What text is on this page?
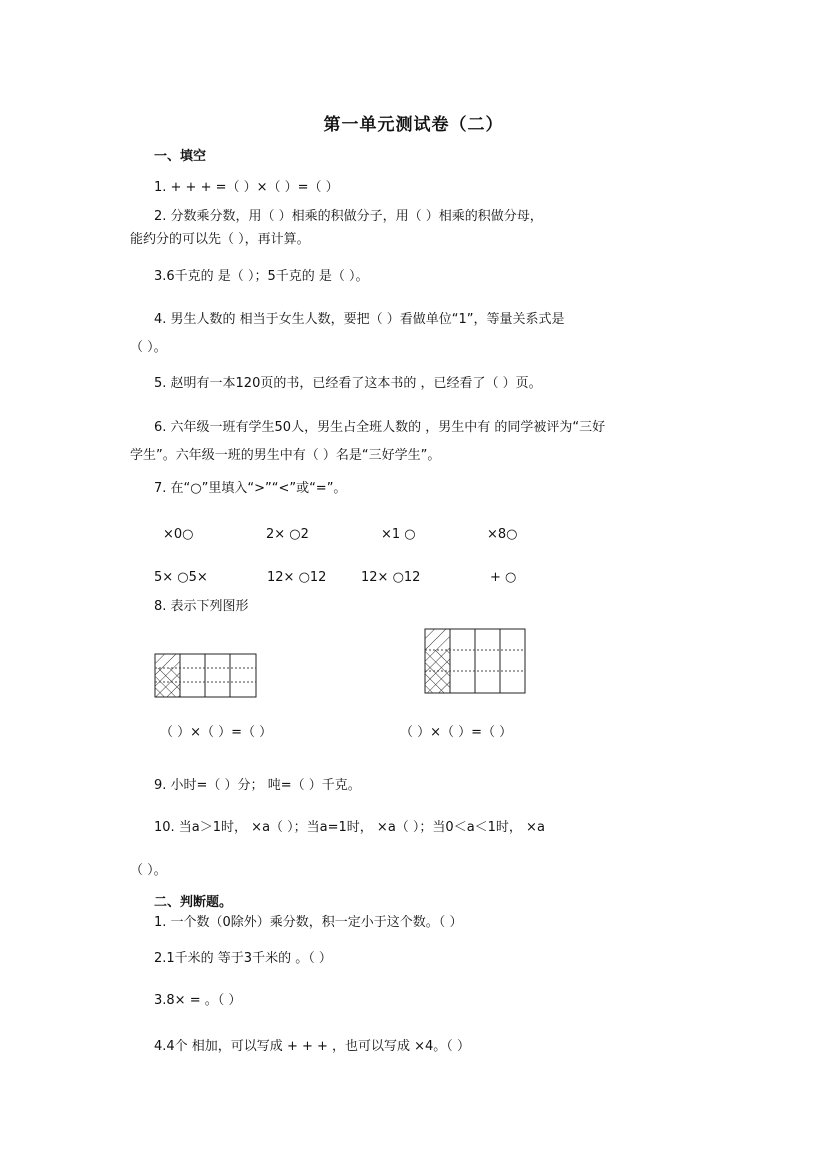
第一单元测试卷（二）
一、填空
1. + + + =（ ）×（ ）=（ ）
2. 分数乘分数，用（ ）相乘的积做分子，用（ ）相乘的积做分母，
能约分的可以先（ ），再计算。
3.6千克的 是（ ）；5千克的 是（ ）。
4. 男生人数的 相当于女生人数，要把（ ）看做单位“1”，等量关系式是
（ ）。
5. 赵明有一本120页的书，已经看了这本书的 ，已经看了（ ）页。
6. 六年级一班有学生50人，男生占全班人数的 ，男生中有 的同学被评为“三好
学生”。六年级一班的男生中有（ ）名是“三好学生”。
7. 在“○”里填入“>”“<”或“=”。
×0○	2× ○2	×1 ○	×8○
5× ○5×	12× ○12	12× ○12	+ ○
8. 表示下列图形
（ ）×（ ）=（ ）	（ ）×（ ）=（ ）
9. 小时=（ ）分； 吨=（ ）千克。
10. 当a＞1时， ×a（ ）；当a=1时， ×a（ ）；当0＜a＜1时， ×a
（ ）。
二、判断题。
1. 一个数（0除外）乘分数，积一定小于这个数。（ ）
2.1千米的 等于3千米的 。（ ）
3.8× = 。（ ）
4.4个 相加，可以写成 + + + ，也可以写成 ×4。（ ）
